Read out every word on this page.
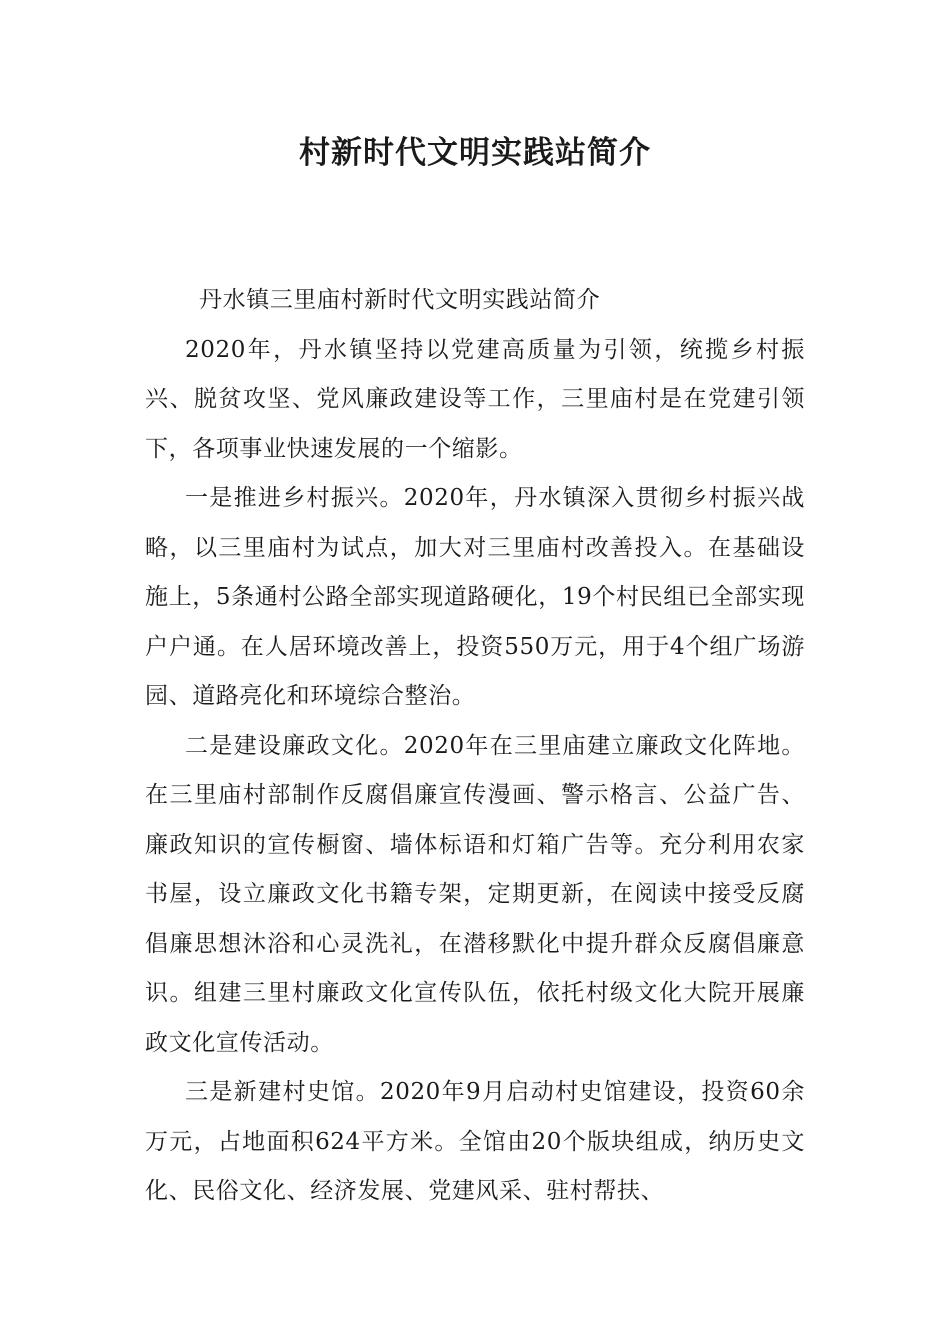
村新时代文明实践站简介

丹水镇三里庙村新时代文明实践站简介

2020年，丹水镇坚持以党建高质量为引领，统揽乡村振兴、脱贫攻坚、党风廉政建设等工作，三里庙村是在党建引领下，各项事业快速发展的一个缩影。

一是推进乡村振兴。2020年，丹水镇深入贯彻乡村振兴战略，以三里庙村为试点，加大对三里庙村改善投入。在基础设施上，5条通村公路全部实现道路硬化，19个村民组已全部实现户户通。在人居环境改善上，投资550万元，用于4个组广场游园、道路亮化和环境综合整治。

二是建设廉政文化。2020年在三里庙建立廉政文化阵地。在三里庙村部制作反腐倡廉宣传漫画、警示格言、公益广告、廉政知识的宣传橱窗、墙体标语和灯箱广告等。充分利用农家书屋，设立廉政文化书籍专架，定期更新，在阅读中接受反腐倡廉思想沐浴和心灵洗礼，在潜移默化中提升群众反腐倡廉意识。组建三里村廉政文化宣传队伍，依托村级文化大院开展廉政文化宣传活动。

三是新建村史馆。2020年9月启动村史馆建设，投资60余万元，占地面积624平方米。全馆由20个版块组成，纳历史文化、民俗文化、经济发展、党建风采、驻村帮扶、
